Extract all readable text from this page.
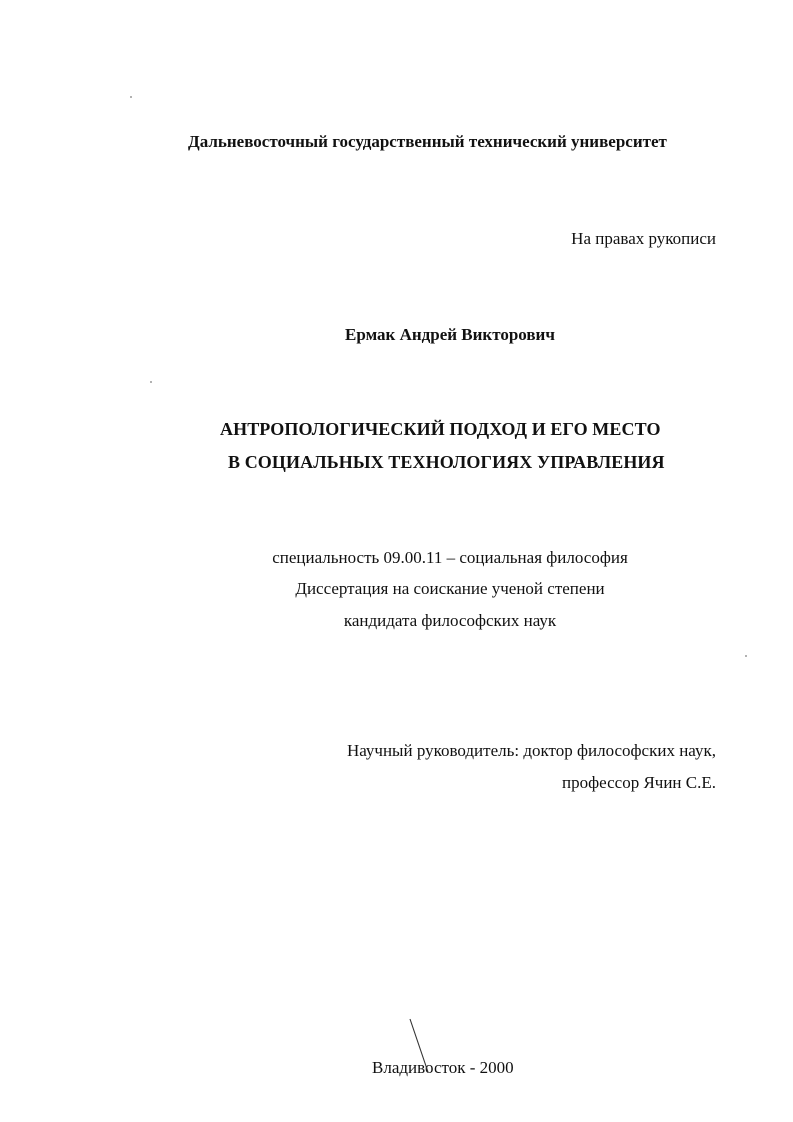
Дальневосточный государственный технический университет
На правах рукописи
Ермак Андрей Викторович
АНТРОПОЛОГИЧЕСКИЙ ПОДХОД И ЕГО МЕСТО
В СОЦИАЛЬНЫХ ТЕХНОЛОГИЯХ УПРАВЛЕНИЯ
специальность 09.00.11 – социальная философия
Диссертация на соискание ученой степени
кандидата философских наук
Научный руководитель: доктор философских наук,
профессор Ячин С.Е.
Владивосток - 2000
